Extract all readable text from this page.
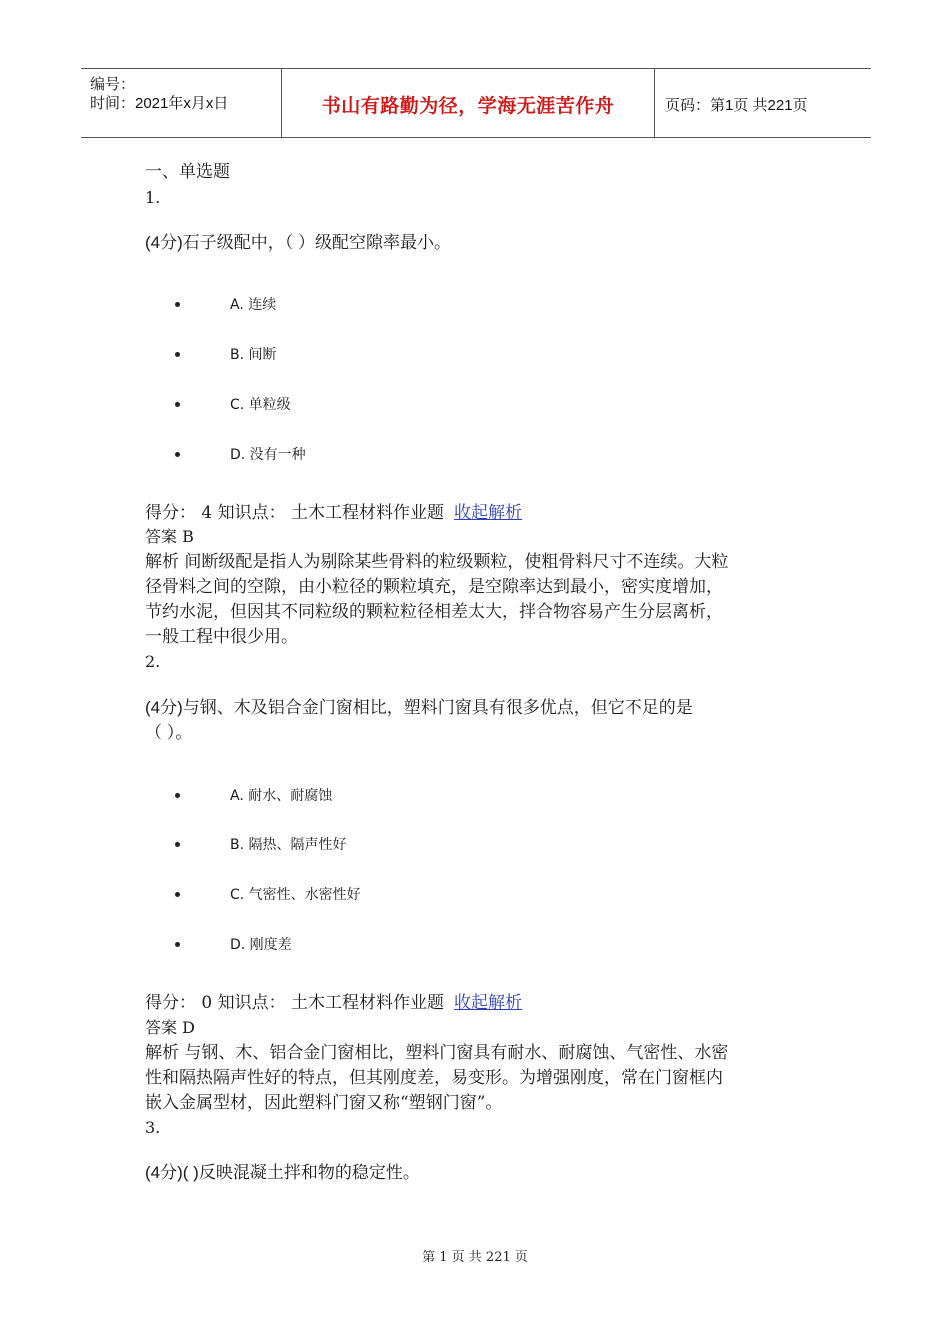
编号：
时间：2021年x月x日	书山有路勤为径，学海无涯苦作舟	页码：第1页 共221页
一、单选题
1.
(4分)石子级配中，（ ）级配空隙率最小。
A. 连续
B. 间断
C. 单粒级
D. 没有一种
得分： 4 知识点： 土木工程材料作业题 收起解析
答案 B
解析 间断级配是指人为剔除某些骨料的粒级颗粒，使粗骨料尺寸不连续。大粒
径骨料之间的空隙，由小粒径的颗粒填充，是空隙率达到最小，密实度增加，
节约水泥，但因其不同粒级的颗粒粒径相差太大，拌合物容易产生分层离析，
一般工程中很少用。
2.
(4分)与钢、木及铝合金门窗相比，塑料门窗具有很多优点，但它不足的是
（ ）。
A. 耐水、耐腐蚀
B. 隔热、隔声性好
C. 气密性、水密性好
D. 刚度差
得分： 0 知识点： 土木工程材料作业题 收起解析
答案 D
解析 与钢、木、铝合金门窗相比，塑料门窗具有耐水、耐腐蚀、气密性、水密
性和隔热隔声性好的特点，但其刚度差，易变形。为增强刚度，常在门窗框内
嵌入金属型材，因此塑料门窗又称“塑钢门窗”。
3.
(4分)( )反映混凝土拌和物的稳定性。
第 1 页 共 221 页
